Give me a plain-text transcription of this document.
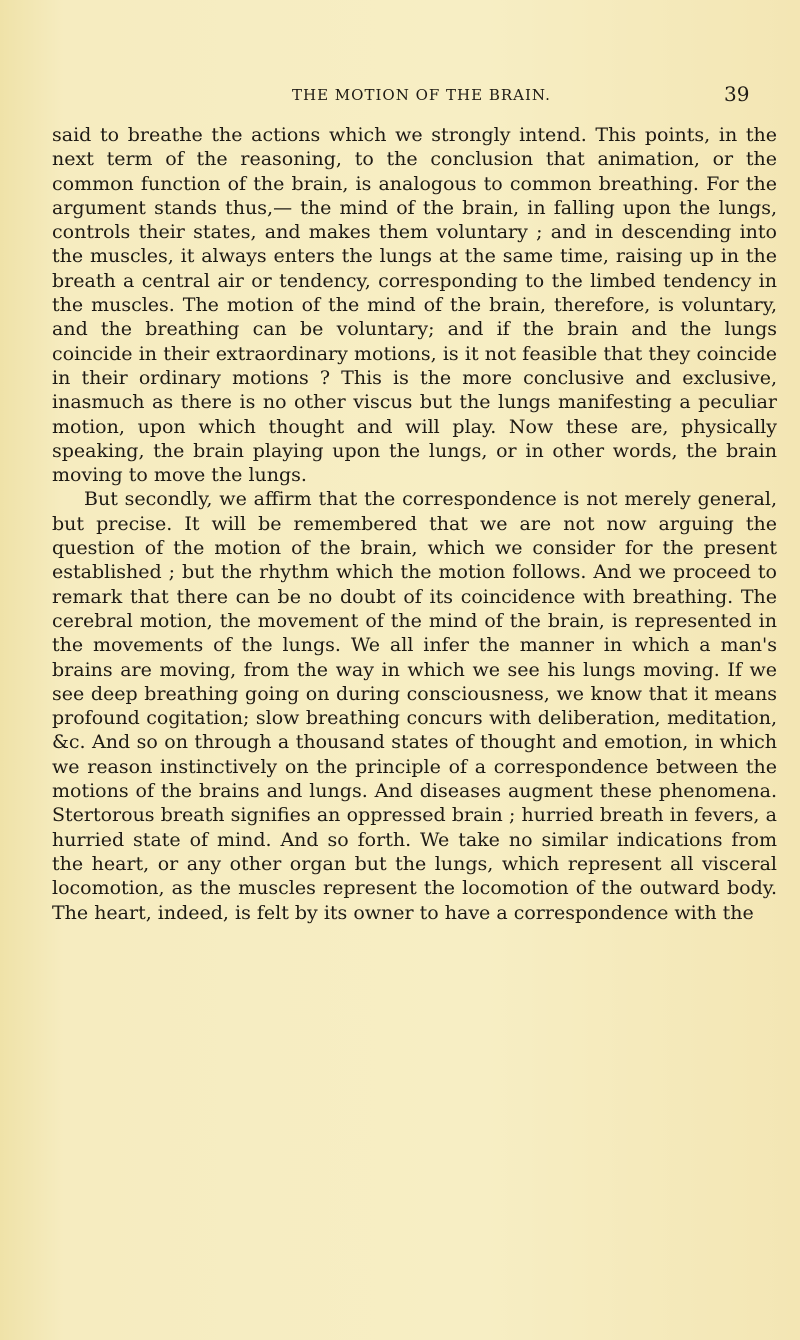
THE MOTION OF THE BRAIN.	39

said to breathe the actions which we strongly intend. This points, in the next term of the reasoning, to the conclusion that animation, or the common function of the brain, is analogous to common breathing. For the argument stands thus,— the mind of the brain, in falling upon the lungs, controls their states, and makes them voluntary ; and in descending into the muscles, it always enters the lungs at the same time, raising up in the breath a central air or tendency, corresponding to the limbed tendency in the muscles. The motion of the mind of the brain, therefore, is voluntary, and the breathing can be voluntary; and if the brain and the lungs coincide in their extraordinary motions, is it not feasible that they coincide in their ordinary motions ? This is the more conclusive and exclusive, inasmuch as there is no other viscus but the lungs manifesting a peculiar motion, upon which thought and will play. Now these are, physically speaking, the brain playing upon the lungs, or in other words, the brain moving to move the lungs.

But secondly, we affirm that the correspondence is not merely general, but precise. It will be remembered that we are not now arguing the question of the motion of the brain, which we consider for the present established ; but the rhythm which the motion follows. And we proceed to remark that there can be no doubt of its coincidence with breathing. The cerebral motion, the movement of the mind of the brain, is represented in the movements of the lungs. We all infer the manner in which a man's brains are moving, from the way in which we see his lungs moving. If we see deep breathing going on during consciousness, we know that it means profound cogitation; slow breathing concurs with deliberation, meditation, &c. And so on through a thousand states of thought and emotion, in which we reason instinctively on the principle of a correspondence between the motions of the brains and lungs. And diseases augment these phenomena. Stertorous breath signifies an oppressed brain ; hurried breath in fevers, a hurried state of mind. And so forth. We take no similar indications from the heart, or any other organ but the lungs, which represent all visceral locomotion, as the muscles represent the locomotion of the outward body. The heart, indeed, is felt by its owner to have a correspondence with the
